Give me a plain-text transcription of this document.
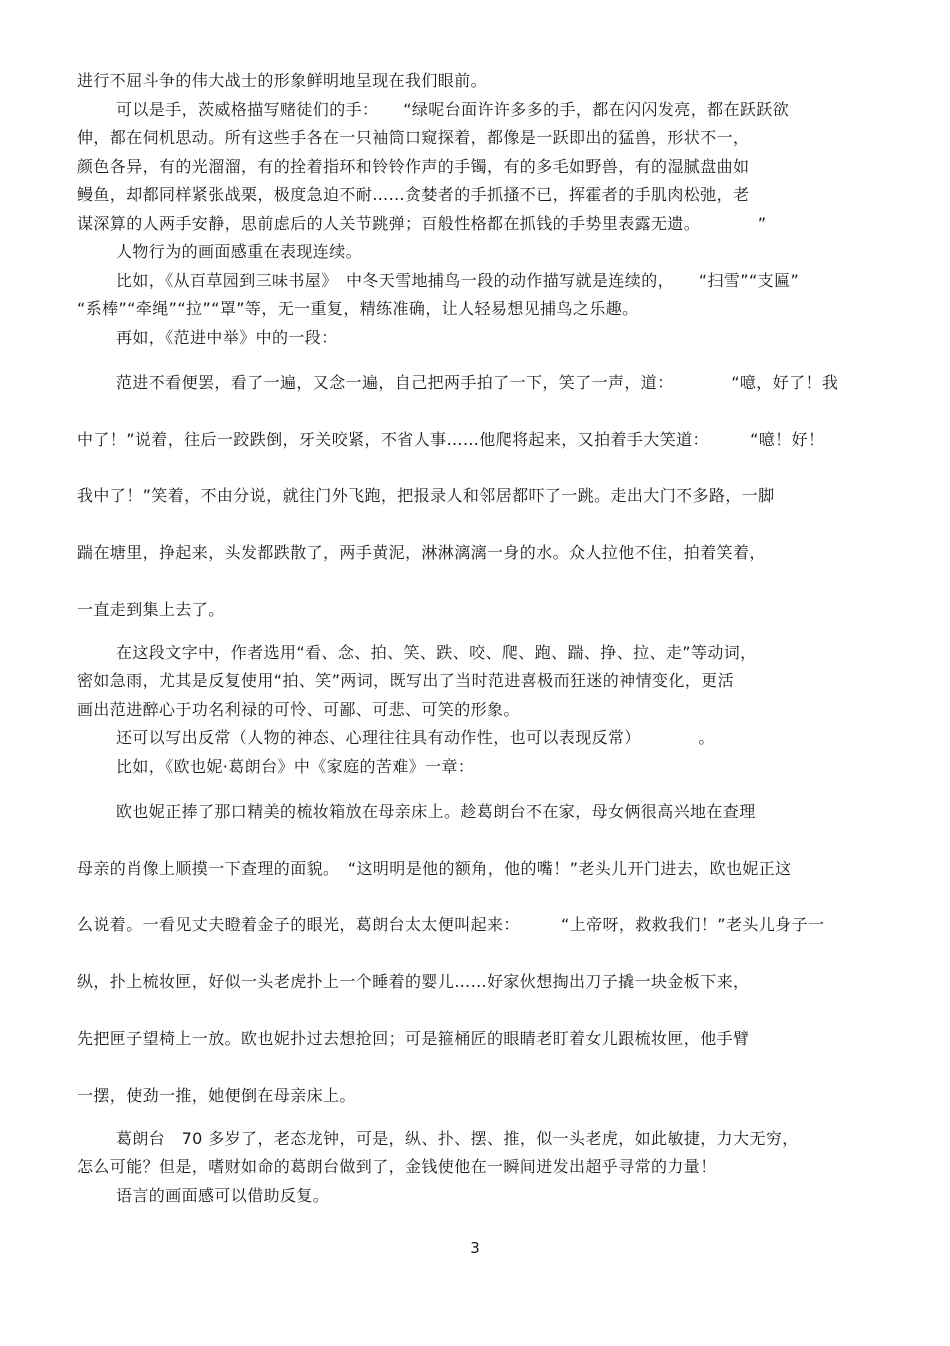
进行不屈斗争的伟大战士的形象鲜明地呈现在我们眼前。
可以是手，茨威格描写赌徒们的手：　　“绿呢台面许许多多的手，都在闪闪发亮，都在跃跃欲
伸，都在伺机思动。所有这些手各在一只袖筒口窥探着，都像是一跃即出的猛兽，形状不一，
颜色各异，有的光溜溜，有的拴着指环和铃铃作声的手镯，有的多毛如野兽，有的湿腻盘曲如
鳗鱼，却都同样紧张战栗，极度急迫不耐……贪婪者的手抓搔不已，挥霍者的手肌肉松弛，老
谋深算的人两手安静，思前虑后的人关节跳弹；百般性格都在抓钱的手势里表露无遗。　　　　”
人物行为的画面感重在表现连续。
比如，《从百草园到三味书屋》　中冬天雪地捕鸟一段的动作描写就是连续的，　　“扫雪”“支匾”
“系棒”“牵绳”“拉”“罩”等，无一重复，精练准确，让人轻易想见捕鸟之乐趣。
再如，《范进中举》中的一段：
范进不看便罢，看了一遍，又念一遍，自己把两手拍了一下，笑了一声，道：　　　　“噫，好了！我
中了！”说着，往后一跤跌倒，牙关咬紧，不省人事……他爬将起来，又拍着手大笑道：　　　“噫！好！
我中了！”笑着，不由分说，就往门外飞跑，把报录人和邻居都吓了一跳。走出大门不多路，一脚
踹在塘里，挣起来，头发都跌散了，两手黄泥，淋淋漓漓一身的水。众人拉他不住，拍着笑着，
一直走到集上去了。
在这段文字中，作者选用“看、念、拍、笑、跌、咬、爬、跑、踹、挣、拉、走”等动词，
密如急雨，尤其是反复使用“拍、笑”两词，既写出了当时范进喜极而狂迷的神情变化，更活
画出范进醉心于功名利禄的可怜、可鄙、可悲、可笑的形象。
还可以写出反常（人物的神态、心理往往具有动作性，也可以表现反常）　　　　。
比如，《欧也妮·葛朗台》中《家庭的苦难》一章：
欧也妮正捧了那口精美的梳妆箱放在母亲床上。趁葛朗台不在家，母女俩很高兴地在查理
母亲的肖像上顺摸一下查理的面貌。　“这明明是他的额角，他的嘴！”老头儿开门进去，欧也妮正这
么说着。一看见丈夫瞪着金子的眼光，葛朗台太太便叫起来：　　　“上帝呀，救救我们！”老头儿身子一
纵，扑上梳妆匣，好似一头老虎扑上一个睡着的婴儿……好家伙想掏出刀子撬一块金板下来，
先把匣子望椅上一放。欧也妮扑过去想抢回；可是箍桶匠的眼睛老盯着女儿跟梳妆匣，他手臂
一摆，使劲一推，她便倒在母亲床上。
葛朗台　70 多岁了，老态龙钟，可是，纵、扑、摆、推，似一头老虎，如此敏捷，力大无穷，
怎么可能？但是，嗜财如命的葛朗台做到了，金钱使他在一瞬间迸发出超乎寻常的力量！
语言的画面感可以借助反复。
3
